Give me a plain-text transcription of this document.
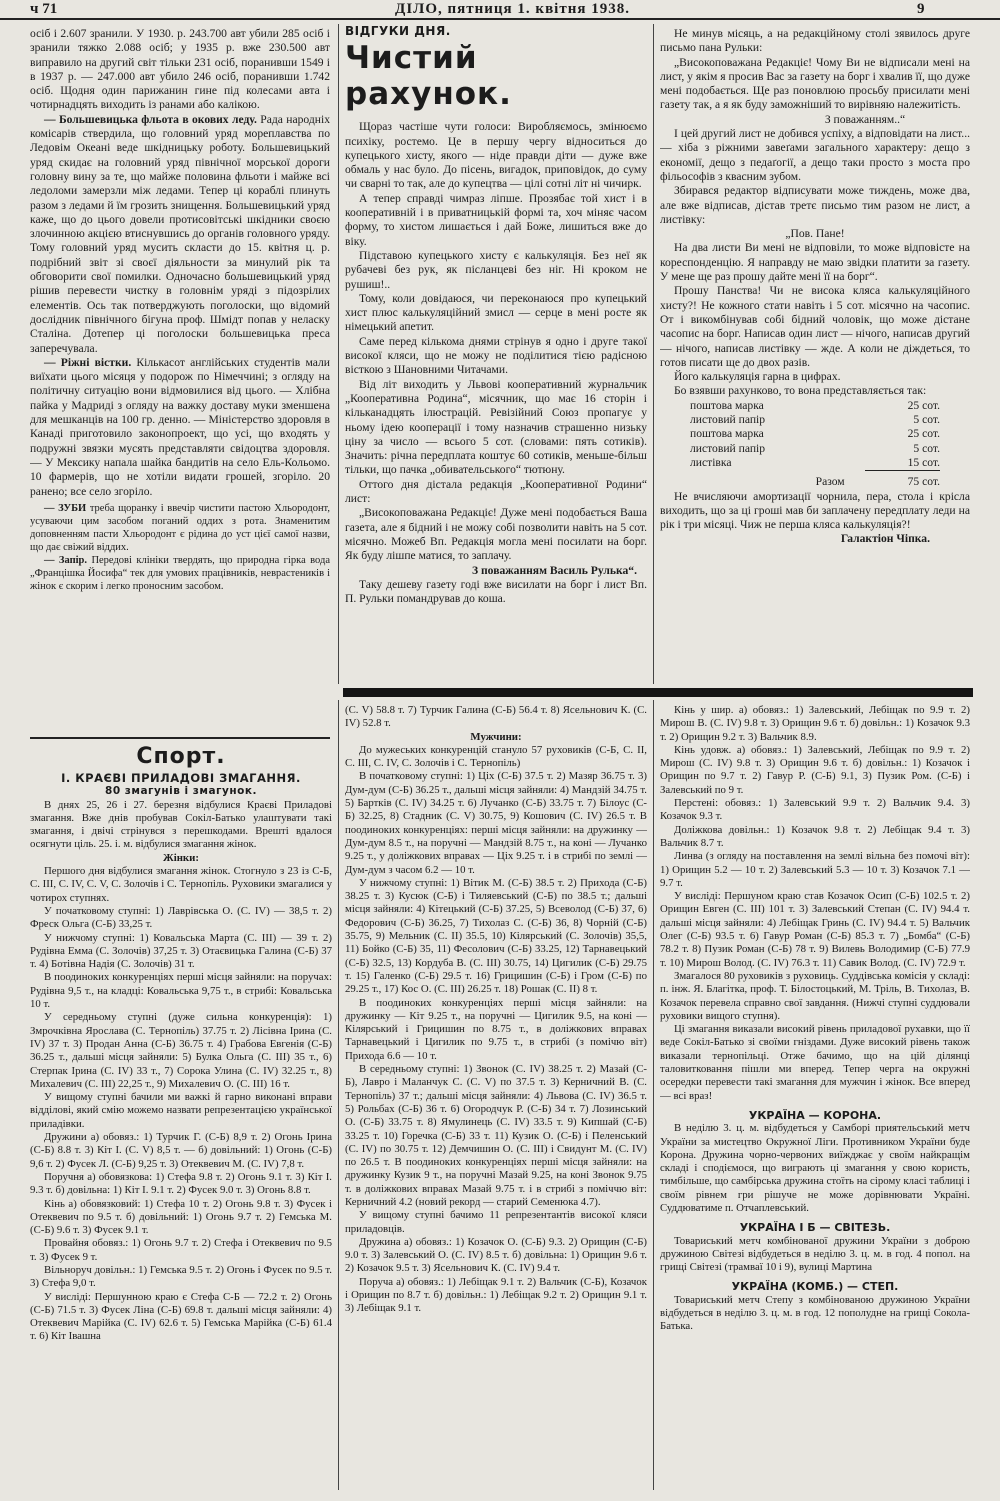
ч 71	ДІЛО, пятниця 1. квітня 1938.	9

осіб і 2.607 зранили. У 1930. р. 243.700 авт убили 285 осіб і зранили тяжко 2.088 осіб; у 1935 р. вже 230.500 авт виправило на другий світ тільки 231 осіб, поранивши 1549 і в 1937 р. — 247.000 авт убило 246 осіб, поранивши 1.742 осіб. Щодня один парижанин гине під колесами авта і чотирнадцять виходить із ранами або калікою.

— Большевицька фльота в окових леду. Рада народніх комісарів ствердила, що головний уряд мореплавства по Ледовім Океані веде шкідницьку роботу. Большевицький уряд скидає на головний уряд північної морської дороги головну вину за те, що майже половина фльоти і майже всі ледоломи замерзли між ледами. Тепер ці кораблі плинуть разом з ледами й їм грозить знищення. Большевицький уряд каже, що до цього довели протисовітські шкідники своєю злочинною акцією втиснувшись до органів головного уряду. Тому головний уряд мусить скласти до 15. квітня ц. р. подрібний звіт зі своєї діяльности за минулий рік та обговорити свої помилки. Одночасно большевицький уряд рішив перевести чистку в головнім уряді з підозрілих елементів. Ось так потверджують поголоски, що відомий дослідник північного бігуна проф. Шмідт попав у неласку Сталіна. Дотепер ці поголоски большевицька преса заперечувала.

— Ріжні вістки. Кількасот англійських студентів мали виїхати цього місяця у подорож по Німеччині; з огляду на політичну ситуацію вони відмовилися від цього. — Хлібна пайка у Мадриді з огляду на важку доставу муки зменшена для мешканців на 100 гр. денно. — Міністерство здоровля в Канаді приготовило законопроект, що усі, що входять у подружні звязки мусять представляти свідоцтва здоровля. — У Мексику напала шайка бандитів на село Ель-Кольомо. 10 фармерів, що не хотіли видати грошей, згоріло. 20 ранено; все село згоріло.

— ЗУБИ треба щоранку і ввечір чистити пастою Хльородонт, усуваючи цим засобом поганий оддих з рота. Знаменитим доповненням пасти Хльородонт є рідина до уст цієї самої назви, що дає свіжий віддих.

— Запір. Передові клініки твердять, що природна гірка вода „Францішка Йосифа“ тек для умових працівників, неврастеників і жінок є скорим і легко проносним засобом.

ВІДГУКИ ДНЯ.
Чистий рахунок.

Щораз частіше чути голоси: Виробляємось, змінюємо психіку, ростемо. Це в першу чергу відноситься до купецького хисту, якого — ніде правди діти — дуже вже обмаль у нас було. До пісень, вигадок, приповідок, до суму чи сварні то так, але до купецтва — цілі сотні літ ні чичирк.

А тепер справді чимраз ліпше. Прозябає той хист і в кооперативній і в приватницькій формі та, хоч міняє часом форму, то хистом лишається і дай Боже, лишиться вже до віку.

Підставою купецького хисту є калькуляція. Без неї як рубачеві без рук, як післанцеві без ніг. Ні кроком не рушиш!..

Тому, коли довідаюся, чи переконаюся про купецький хист плюс калькуляційний змисл — серце в мені росте як німецький апетит.

Саме перед кількома днями стрінув я одно і друге такої високої кляси, що не можу не поділитися тією радісною вісткою з Шановними Читачами.

Від літ виходить у Львові кооперативний журнальчик „Кооперативна Родина“, місячник, що має 16 сторін і кільканадцять ілюстрацій. Ревізійний Союз пропагує у ньому ідею кооперації і тому назначив страшенно низьку ціну за число — всього 5 сот. (словами: пять сотиків). Значить: річна передплата коштує 60 сотиків, меньше-більш тільки, що пачка „обивательського“ тютюну.

Оттого дня дістала редакція „Кооперативної Родини“ лист:

„Високоповажана Редакціє! Дуже мені подобається Ваша газета, але я бідний і не можу собі позволити навіть на 5 сот. місячно. Можеб Вп. Редакція могла мені посилати на борг. Як буду лішпе матися, то заплачу.

З поважанням Василь Рулька“.

Таку дешеву газету годі вже висилати на борг і лист Вп. П. Рульки помандрував до коша.

Не минув місяць, а на редакційному столі зявилось друге письмо пана Рульки:

„Високоповажана Редакціє! Чому Ви не відписали мені на лист, у якім я просив Вас за газету на борг і хвалив її, що дуже мені подобається. Ще раз поновлюю просьбу присилати мені газету так, а я як буду заможніший то вирівняю належитість.

З поважанням..“

І цей другий лист не добився успіху, а відповідати на лист... — хіба з ріжними завеґами загального характеру: дещо з економії, дещо з педаґогії, а дещо таки просто з моста про фільософів з квасним зубом.

Збирався редактор відписувати може тиждень, може два, але вже відписав, дістав третє письмо тим разом не лист, а листівку:

„Пов. Пане!

На два листи Ви мені не відповіли, то може відповісте на кореспонденцію. Я направду не маю звідки платити за газету. У мене ще раз прошу дайте мені її на борг“.

Прошу Панства! Чи не висока кляса калькуляційного хисту?! Не кожного стати навіть і 5 сот. місячно на часопис. От і викомбінував собі бідний чоловік, що може дістане часопис на борг. Написав один лист — нічого, написав другий — нічого, написав листівку — жде. А коли не діждеться, то готов писати ще до двох разів.

Його калькуляція гарна в цифрах.

Бо взявши рахунково, то вона представляється так:

поштова марка	25 сот.
листовий папір	5 сот.
поштова марка	25 сот.
листовий папір	5 сот.
листівка	15 сот.
Разом	75 сот.

Не вчисляючи амортизації чорнила, пера, стола і крісла виходить, що за ці гроші мав би заплачену передплату леди на рік і три місяці. Чиж не перша кляса калькуляція?!

Галактіон Чіпка.

Спорт.
І. КРАЄВІ ПРИЛАДОВІ ЗМАГАННЯ.
80 змагунів і змагунок.

В днях 25, 26 і 27. березня відбулися Краєві Приладові змагання. Вже днів пробував Сокіл-Батько улаштувати такі змагання, і двічі стрінувся з перешкодами. Врешті вдалося осягнути ціль. 25. і. м. відбулися змагання жінок.

Жінки:

Першого дня відбулися змагання жінок. Стогнуло з 23 із С-Б, С. ІІІ, С. IV, С. V, С. Золочів і С. Тернопіль. Руховики змагалися у чотирох ступнях.

У початковому ступні: 1) Лаврівська О. (С. IV) — 38,5 т. 2) Фреск Ольга (С-Б) 33,25 т.

У нижчому ступні: 1) Ковальська Марта (С. ІІІ) — 39 т. 2) Рудівна Емма (С. Золочів) 37,25 т. 3) Отаєвицька Галина (С-Б) 37 т. 4) Ботівна Надія (С. Золочів) 31 т.

В поодиноких конкуренціях перші місця зайняли: на поручах: Рудівна 9,5 т., на кладці: Ковальська 9,75 т., в стрибі: Ковальська 10 т.

У середньому ступні (дуже сильна конкуренція): 1) Змрочківна Ярослава (С. Тернопіль) 37.75 т. 2) Лісівна Ірина (С. IV) 37 т. 3) Продан Анна (С-Б) 36.75 т. 4) Грабова Евгенія (С-Б) 36.25 т., дальші місця зайняли: 5) Булка Ольга (С. ІІІ) 35 т., 6) Стерпак Ірина (С. IV) 33 т., 7) Сорока Улина (С. IV) 32.25 т., 8) Михалевич (С. ІІІ) 22,25 т., 9) Михалевич О. (С. ІІІ) 16 т.

У вищому ступні бачили ми важкі й гарно виконані вправи відділові, який смію можемо назвати репрезентацією української приладівки.

Дружини а) обовяз.: 1) Турчик Г. (С-Б) 8,9 т. 2) Огонь Ірина (С-Б) 8.8 т. 3) Кіт І. (С. V) 8,5 т. — б) довільний: 1) Огонь (С-Б) 9,6 т. 2) Фусек Л. (С-Б) 9,25 т. 3) Отеквевич М. (С. IV) 7,8 т.

Поручня а) обовязкова: 1) Стефа 9.8 т. 2) Огонь 9.1 т. 3) Кіт І. 9.3 т. б) довільна: 1) Кіт І. 9.1 т. 2) Фусек 9.0 т. 3) Огонь 8.8 т.

Кінь а) обовязковий: 1) Стефа 10 т. 2) Огонь 9.8 т. 3) Фусек і Отеквевич по 9.5 т. б) довільний: 1) Огонь 9.7 т. 2) Гемська М. (С-Б) 9.6 т. 3) Фусек 9.1 т.

Провайня обовяз.: 1) Огонь 9.7 т. 2) Стефа і Отеквевич по 9.5 т. 3) Фусек 9 т.

Вільноруч довільн.: 1) Гемська 9.5 т. 2) Огонь і Фусек по 9.5 т. 3) Стефа 9,0 т.

У вислідi: Першунною краю є Стефа С-Б — 72.2 т. 2) Огонь (С-Б) 71.5 т. 3) Фусек Ліна (С-Б) 69.8 т. дальші місця зайняли: 4) Отеквевич Марійка (С. IV) 62.6 т. 5) Гемська Марійка (С-Б) 61.4 т. 6) Кіт Івашна

(С. V) 58.8 т. 7) Турчик Галина (С-Б) 56.4 т. 8) Ясельнович К. (С. IV) 52.8 т.

Мужчини:

До мужеських конкуренцій стануло 57 руховиків (С-Б, С. ІІ, С. ІІІ, С. IV, С. Золочів і С. Тернопіль)

В початковому ступні: 1) Ціх (С-Б) 37.5 т. 2) Мазяр 36.75 т. 3) Дум-дум (С-Б) 36.25 т., дальші місця зайняли: 4) Мандзій 34.75 т. 5) Бартків (С. IV) 34.25 т. 6) Лучанко (С-Б) 33.75 т. 7) Білоус (С-Б) 32.25, 8) Стадник (С. V) 30.75, 9) Кошович (С. IV) 26.5 т. В поодиноких конкуренціях: перші місця зайняли: на дружинку — Дум-дум 8.5 т., на поручні — Мандзій 8.75 т., на коні — Лучанко 9.25 т., у доліжкових вправах — Ціх 9.25 т. і в стрибі по землі — Дум-дум з часом 6.2 — 10 т.

У нижчому ступні: 1) Вітик М. (С-Б) 38.5 т. 2) Прихода (С-Б) 38.25 т. 3) Кусюк (С-Б) і Тиляевський (С-Б) по 38.5 т.; дальші місця зайняли: 4) Кітецький (С-Б) 37.25, 5) Всеволод (С-Б) 37, 6) Федорович (С-Б) 36.25, 7) Тихолаз С. (С-Б) 36, 8) Чорній (С-Б) 35.75, 9) Мельник (С. ІІ) 35.5, 10) Кілярський (С. Золочів) 35,5, 11) Бойко (С-Б) 35, 11) Фесолович (С-Б) 33.25, 12) Тарнавецький (С-Б) 32.5, 13) Кордуба В. (С. ІІІ) 30.75, 14) Цигилик (С-Б) 29.75 т. 15) Галенко (С-Б) 29.5 т. 16) Грицишин (С-Б) і Гром (С-Б) по 29.25 т., 17) Кос О. (С. ІІІ) 26.25 т. 18) Рошак (С. ІІ) 8 т.

В поодиноких конкуренціях перші місця зайняли: на дружинку — Кіт 9.25 т., на поручні — Цигилик 9.5, на коні — Кілярський і Грицишин по 8.75 т., в доліжкових вправах Тарнавецький і Цигилик по 9.75 т., в стрибі (з помічю віт) Прихода 6.6 — 10 т.

В середньому ступні: 1) Звонок (С. IV) 38.25 т. 2) Мазай (С-Б), Лавро і Маланчук С. (С. V) по 37.5 т. 3) Керничний В. (С. Тернопіль) 37 т.; дальші місця зайняли: 4) Львова (С. IV) 36.5 т. 5) Рольбах (С-Б) 36 т. 6) Огородчук Р. (С-Б) 34 т. 7) Лозинський О. (С-Б) 33.75 т. 8) Ямулинець (С. IV) 33.5 т. 9) Кипшай (С-Б) 33.25 т. 10) Горечка (С-Б) 33 т. 11) Кузик О. (С-Б) і Пеленський (С. IV) по 30.75 т. 12) Демчишин О. (С. ІІІ) і Свидунт М. (С. IV) по 26.5 т. В поодиноких конкуренціях перші місця зайняли: на дружинку Кузик 9 т., на поручні Мазай 9.25, на коні Звонок 9.75 т. в доліжкових вправах Мазай 9.75 т. і в стрибі з поміччю віт: Керничний 4.2 (новий рекорд — старий Семенюка 4.7).

У вищому ступні бачимо 11 репрезентантів високої кляси приладовців.

Дружина а) обовяз.: 1) Козачок О. (С-Б) 9.3. 2) Орищин (С-Б) 9.0 т. 3) Залевський О. (С. IV) 8.5 т. б) довільна: 1) Орищин 9.6 т. 2) Козачок 9.5 т. 3) Ясельнович К. (С. IV) 9.4 т.

Поруча а) обовяз.: 1) Лебіщак 9.1 т. 2) Вальчик (С-Б), Козачок і Орищин по 8.7 т. б) довільн.: 1) Лебіщак 9.2 т. 2) Орищин 9.1 т. 3) Лебіщак 9.1 т.

Кінь у шир. а) обовяз.: 1) Залевський, Лебіщак по 9.9 т. 2) Мирош В. (С. IV) 9.8 т. 3) Орищин 9.6 т. б) довільн.: 1) Козачок 9.3 т. 2) Орищин 9.2 т. 3) Вальчик 8.9.

Кінь удовж. а) обовяз.: 1) Залевський, Лебіщак по 9.9 т. 2) Мирош (С. IV) 9.8 т. 3) Орищин 9.6 т. б) довільн.: 1) Козачок і Орищин по 9.7 т. 2) Гавур Р. (С-Б) 9.1, 3) Пузик Ром. (С-Б) і Залевський по 9 т.

Перстені: обовяз.: 1) Залевський 9.9 т. 2) Вальчик 9.4. 3) Козачок 9.3 т.

Доліжкова довільн.: 1) Козачок 9.8 т. 2) Лебіщак 9.4 т. 3) Вальчик 8.7 т.

Линва (з огляду на поставлення на землі вільна без помочі віт): 1) Орищин 5.2 — 10 т. 2) Залевський 5.3 — 10 т. 3) Козачок 7.1 — 9.7 т.

У вислідi: Першуном краю став Козачок Осип (С-Б) 102.5 т. 2) Орищин Евген (С. ІІІ) 101 т. 3) Залевський Степан (С. IV) 94.4 т. дальші місця зайняли: 4) Лебіщак Гринь (С. IV) 94.4 т. 5) Вальчик Олег (С-Б) 93.5 т. 6) Гавур Роман (С-Б) 85.3 т. 7) „Бомба“ (С-Б) 78.2 т. 8) Пузик Роман (С-Б) 78 т. 9) Вилевь Володимир (С-Б) 77.9 т. 10) Мирош Волод. (С. IV) 76.3 т. 11) Савик Волод. (С. IV) 72.9 т.

Змагалося 80 руховиків з руховиць. Суддівська комісія у складі: п. інж. Я. Благітка, проф. Т. Білостоцький, М. Тріль, В. Тихолаз, В. Козачок перевела справно свої завдання. (Нижчі ступні суддювали руховики вищого ступня).

Ці змагання виказали високий рівень приладової рухавки, що її веде Сокіл-Батько зі своїми гніздами. Дуже високий рівень також виказали тернопільці. Отже бачимо, що на цій ділянці таловитковання пішли ми вперед. Тепер черга на окружні осередки перевести такі змагання для мужчин і жінок. Все вперед — всі враз!

УКРАЇНА — КОРОНА.

В неділю 3. ц. м. відбудеться у Самборі приятельський метч України за мистецтво Окружної Ліги. Противником України буде Корона. Дружина чорно-червоних виїжджає у своїм найкращім складі і сподіємося, що виграють ці змагання у свою користь, тимбільше, що самбірська дружина стоїть на сірому класі таблиці і своїм рівнем гри рішуче не може дорівнювати Україні. Суддюватиме п. Отчаплевський.

УКРАЇНА І Б — СВІТЕЗЬ.

Товариський метч комбінованої дружини України з доброю дружиною Світезі відбудеться в неділю 3. ц. м. в год. 4 попол. на грищі Світезі (трамваї 10 і 9), вулиці Мартина

УКРАЇНА (КОМБ.) — СТЕП.

Товариський метч Степу з комбінованою дружиною України відбудеться в неділю 3. ц. м. в год. 12 пополудне на грищі Сокола-Батька.
